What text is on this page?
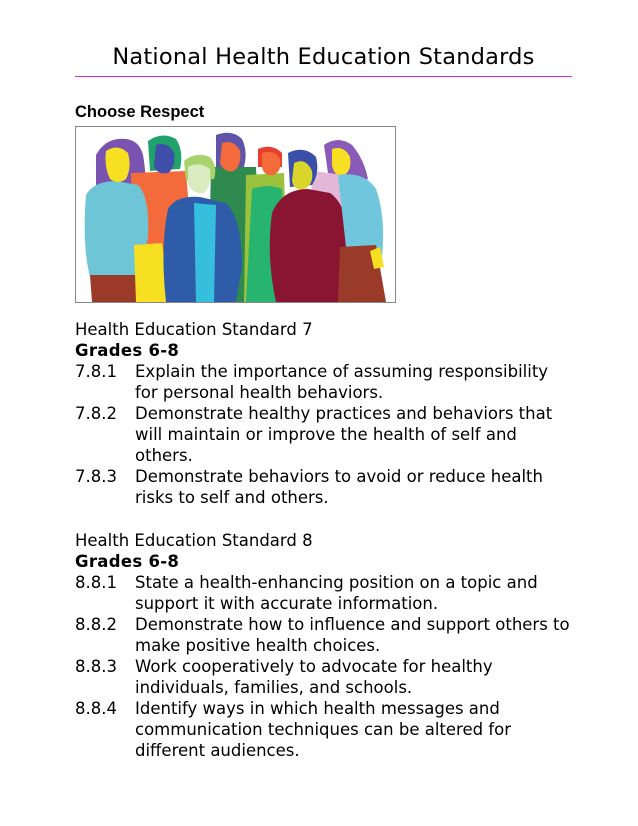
National Health Education Standards
Choose Respect
Health Education Standard 7
Grades 6-8
7.8.1	Explain the importance of assuming responsibility for personal health behaviors.
7.8.2	Demonstrate healthy practices and behaviors that will maintain or improve the health of self and others.
7.8.3	Demonstrate behaviors to avoid or reduce health risks to self and others.
Health Education Standard 8
Grades 6-8
8.8.1	State a health-enhancing position on a topic and support it with accurate information.
8.8.2	Demonstrate how to influence and support others to make positive health choices.
8.8.3	Work cooperatively to advocate for healthy individuals, families, and schools.
8.8.4	Identify ways in which health messages and communication techniques can be altered for different audiences.
